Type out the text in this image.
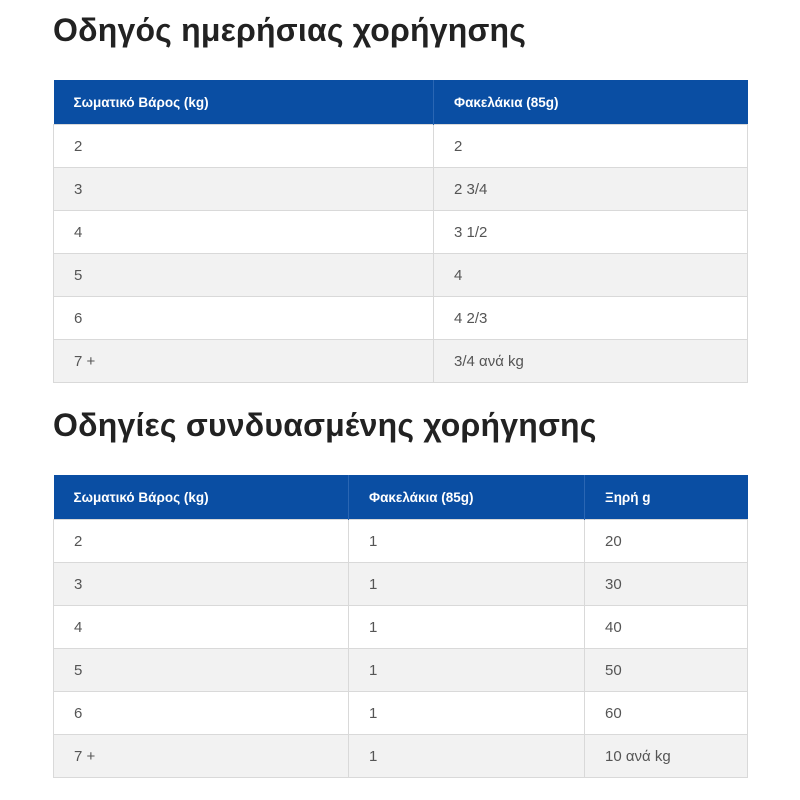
Οδηγός ημερήσιας χορήγησης
Σωματικό Βάρος (kg)	Φακελάκια (85g)
2	2
3	2 3/4
4	3 1/2
5	4
6	4 2/3
7 +	3/4 ανά kg
Οδηγίες συνδυασμένης χορήγησης
Σωματικό Βάρος (kg)	Φακελάκια (85g)	Ξηρή g
2	1	20
3	1	30
4	1	40
5	1	50
6	1	60
7 +	1	10 ανά kg
